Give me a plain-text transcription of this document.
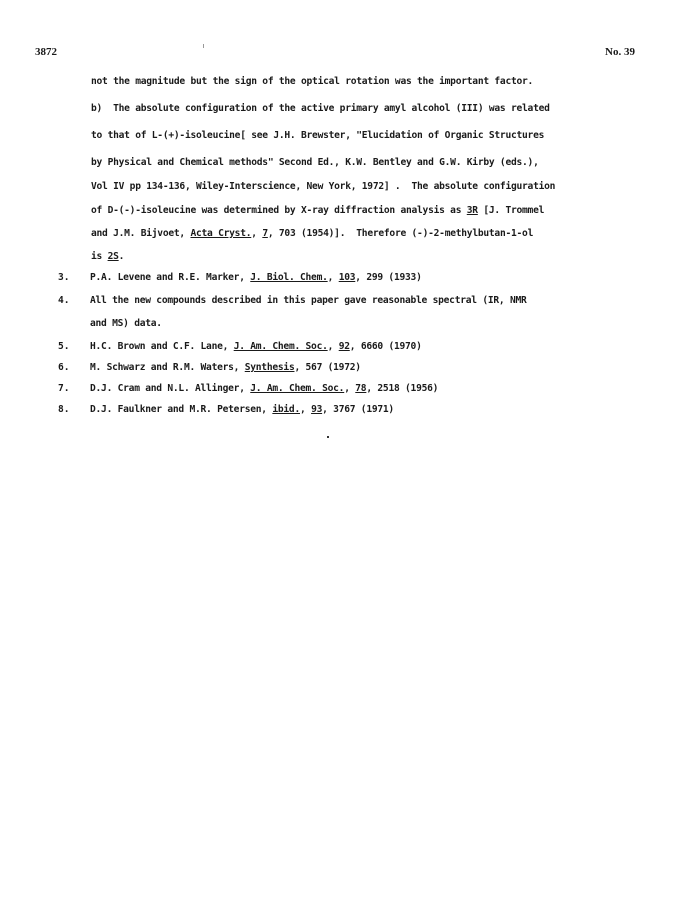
3872	No. 39
not the magnitude but the sign of the optical rotation was the important factor.
b)  The absolute configuration of the active primary amyl alcohol (III) was related
to that of L-(+)-isoleucine[ see J.H. Brewster, "Elucidation of Organic Structures
by Physical and Chemical methods" Second Ed., K.W. Bentley and G.W. Kirby (eds.),
Vol IV pp 134-136, Wiley-Interscience, New York, 1972] .  The absolute configuration
of D-(-)-isoleucine was determined by X-ray diffraction analysis as 3R [J. Trommel
and J.M. Bijvoet, Acta Cryst., 7, 703 (1954)].  Therefore (-)-2-methylbutan-1-ol
is 2S.
3. P.A. Levene and R.E. Marker, J. Biol. Chem., 103, 299 (1933)
4. All the new compounds described in this paper gave reasonable spectral (IR, NMR
and MS) data.
5. H.C. Brown and C.F. Lane, J. Am. Chem. Soc., 92, 6660 (1970)
6. M. Schwarz and R.M. Waters, Synthesis, 567 (1972)
7. D.J. Cram and N.L. Allinger, J. Am. Chem. Soc., 78, 2518 (1956)
8. D.J. Faulkner and M.R. Petersen, ibid., 93, 3767 (1971)
